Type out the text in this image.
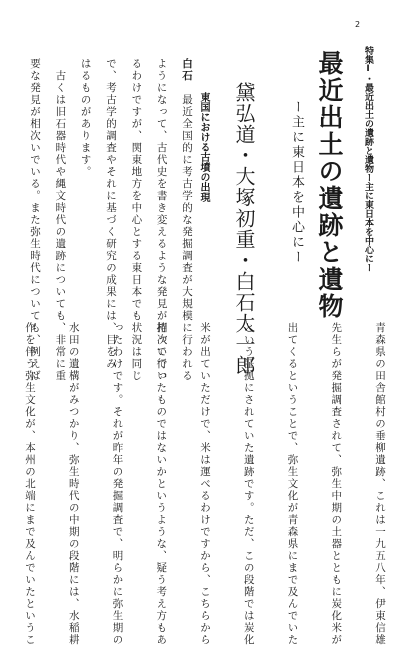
2
特集Ⅰ・最近出土の遺跡と遺物ー主に東日本を中心にー
最近出土の遺跡と遺物
ー主に東日本を中心にー
黛弘道・大塚初重・白石太一郎
東国における古墳の出現
白石　最近全国的に考古学的な発掘調査が大規模に行われる
ようになって、古代史を書き変えるような発見が相次いでい
るわけですが、関東地方を中心とする東日本でも状況は同じ
で、考古学的調査やそれに基づく研究の成果には、目をみ
はるものがあります。
　古くは旧石器時代や縄文時代の遺跡についても、非常に重
要な発見が相次いでいる。また弥生時代についても、例えば
青森県の田舎館村の垂柳遺跡、これは一九五八年、伊東信雄
先生らが発掘調査されて、弥生中期の土器とともに炭化米が
出てくるということで、弥生文化が青森県にまで及んでいた
という証拠にされていた遺跡です。ただ、この段階では炭化
米が出ていただけで、米は運べるわけですから、こちらから
持って行ったものではないかというような、疑う考え方もあ
ったわけです。それが昨年の発掘調査で、明らかに弥生期の
水田の遺構がみつかり、弥生時代の中期の段階には、水稲耕
作を伴う弥生文化が、本州の北端にまで及んでいたというこ
